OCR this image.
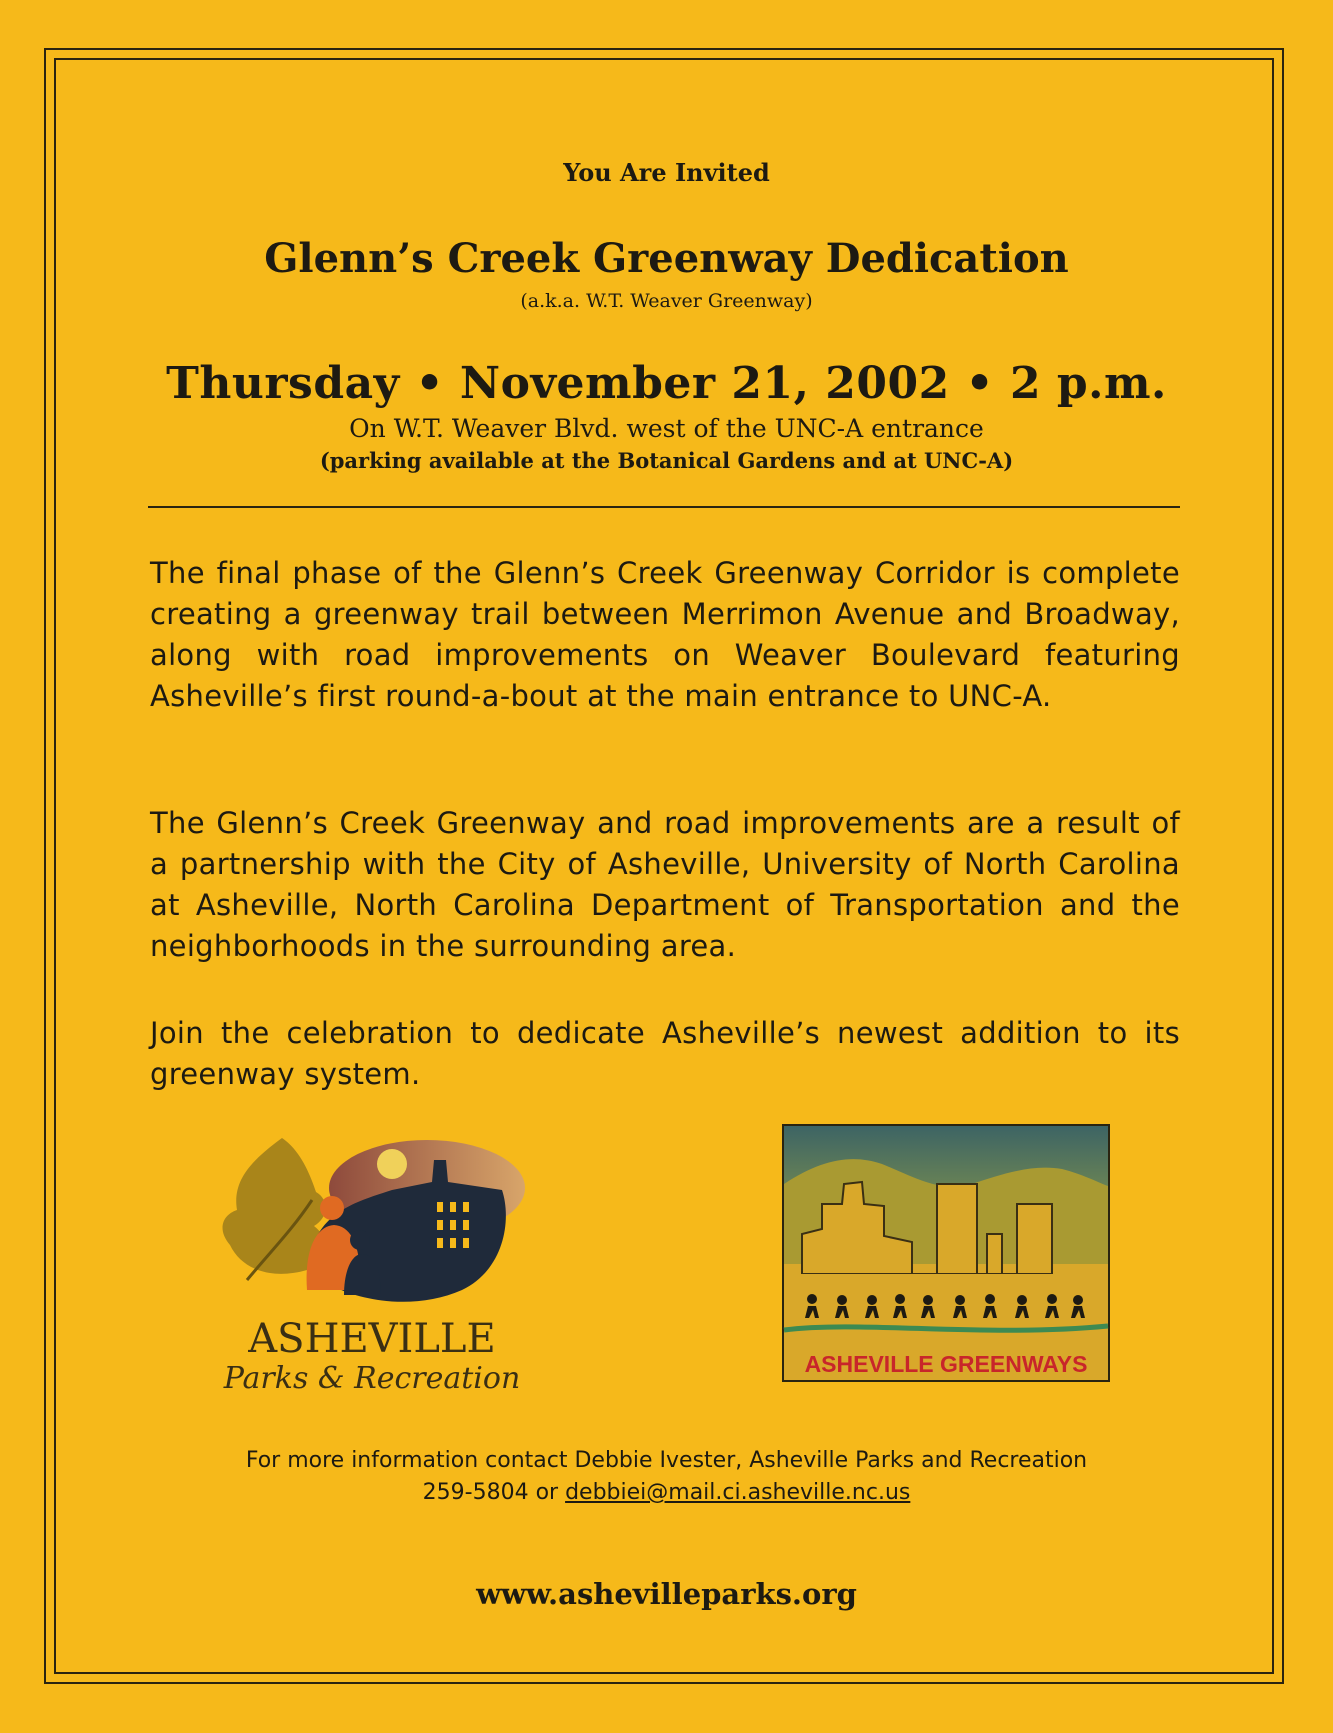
You Are Invited
Glenn’s Creek Greenway Dedication
(a.k.a. W.T. Weaver Greenway)
Thursday • November 21, 2002 • 2 p.m.
On W.T. Weaver Blvd. west of the UNC-A entrance
(parking available at the Botanical Gardens and at UNC-A)
The final phase of the Glenn’s Creek Greenway Corridor is complete creating a greenway trail between Merrimon Avenue and Broadway, along with road improvements on Weaver Boulevard featuring Asheville’s first round-a-bout at the main entrance to UNC-A.
The Glenn’s Creek Greenway and road improvements are a result of a partnership with the City of Asheville, University of North Carolina at Asheville, North Carolina Department of Transportation and the neighborhoods in the surrounding area.
Join the celebration to dedicate Asheville’s newest addition to its greenway system.
ASHEVILLE
Parks & Recreation	ASHEVILLE GREENWAYS
For more information contact Debbie Ivester, Asheville Parks and Recreation
259-5804 or debbiei@mail.ci.asheville.nc.us
www.ashevilleparks.org
